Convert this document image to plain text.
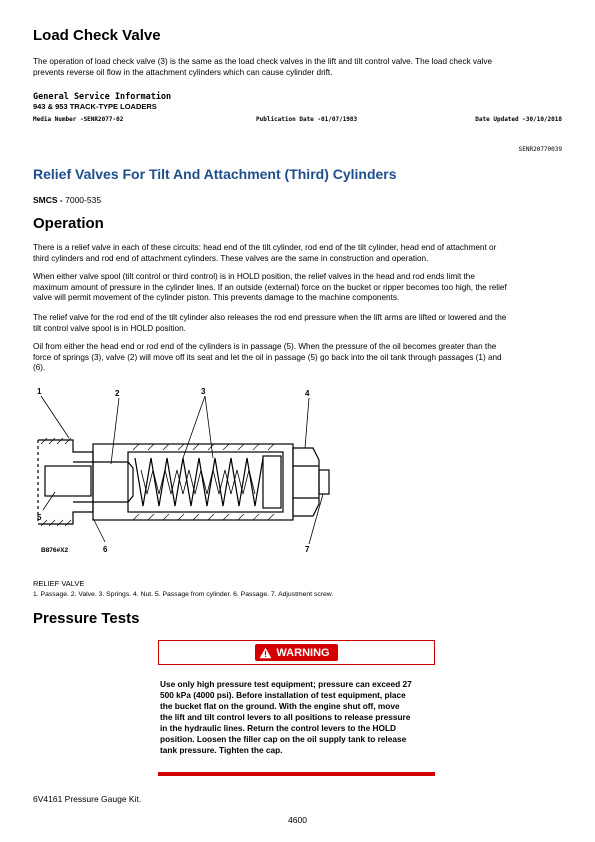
Load Check Valve
The operation of load check valve (3) is the same as the load check valves in the lift and tilt control valve. The load check valve
prevents reverse oil flow in the attachment cylinders which can cause cylinder drift.
General Service Information
943 & 953 TRACK-TYPE LOADERS
Media Number -SENR2077-02	Publication Date -01/07/1983	Date Updated -30/10/2018
SENR20770039
Relief Valves For Tilt And Attachment (Third) Cylinders
SMCS - 7000-535
Operation
There is a relief valve in each of these circuits: head end of the tilt cylinder, rod end of the tilt cylinder, head end of attachment or
third cylinders and rod end of attachment cylinders. These valves are the same in construction and operation.
When either valve spool (tilt control or third control) is in HOLD position, the relief valves in the head and rod ends limit the
maximum amount of pressure in the cylinder lines. If an outside (external) force on the bucket or ripper becomes too high, the relief
valve will permit movement of the cylinder piston. This prevents damage to the machine components.
The relief valve for the rod end of the tilt cylinder also releases the rod end pressure when the lift arms are lifted or lowered and the
tilt control valve spool is in HOLD position.
Oil from either the head end or rod end of the cylinders is in passage (5). When the pressure of the oil becomes greater than the
force of springs (3), valve (2) will move off its seat and let the oil in passage (5) go back into the oil tank through passages (1) and
(6).
1	2	3	4
5
6	7
B876#X2
RELIEF VALVE
1. Passage. 2. Valve. 3. Springs. 4. Nut. 5. Passage from cylinder. 6. Passage. 7. Adjustment screw.
Pressure Tests
WARNING
Use only high pressure test equipment; pressure can exceed 27
500 kPa (4000 psi). Before installation of test equipment, place
the bucket flat on the ground. With the engine shut off, move
the lift and tilt control levers to all positions to release pressure
in the hydraulic lines. Return the control levers to the HOLD
position. Loosen the filler cap on the oil supply tank to release
tank pressure. Tighten the cap.
6V4161 Pressure Gauge Kit.
4600
